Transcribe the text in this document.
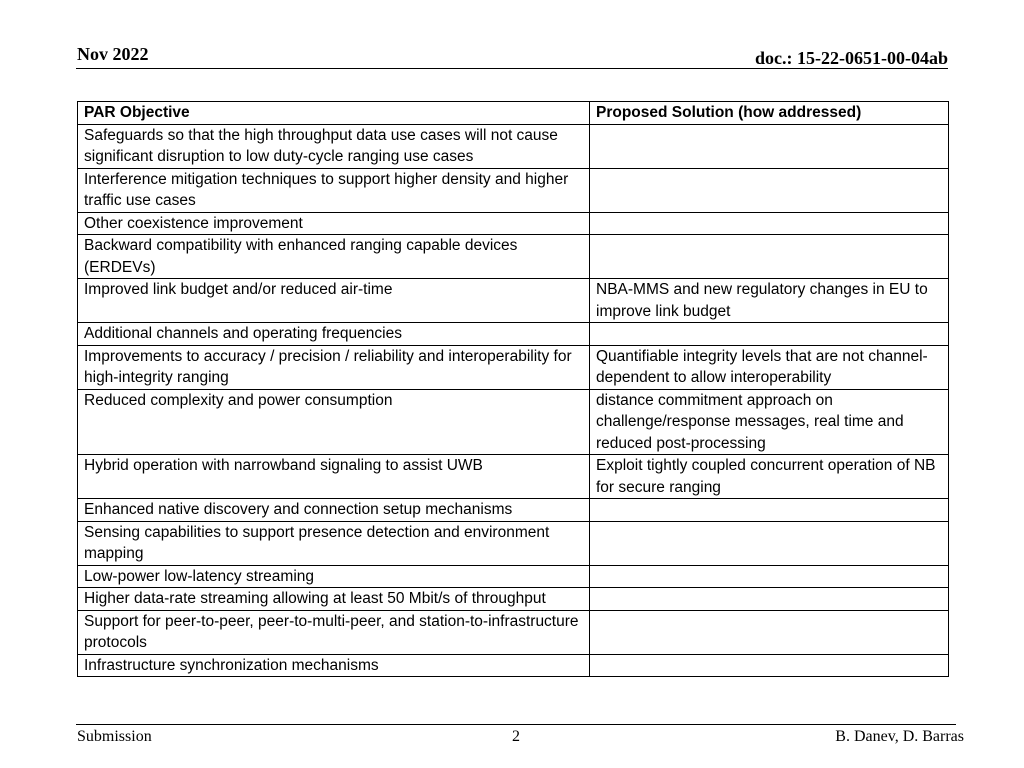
Nov 2022	doc.: 15-22-0651-00-04ab
PAR Objective	Proposed Solution (how addressed)
Safeguards so that the high throughput data use cases will not cause significant disruption to low duty-cycle ranging use cases	
Interference mitigation techniques to support higher density and higher traffic use cases	
Other coexistence improvement	
Backward compatibility with enhanced ranging capable devices (ERDEVs)	
Improved link budget and/or reduced air-time	NBA-MMS and new regulatory changes in EU to improve link budget
Additional channels and operating frequencies	
Improvements to accuracy / precision / reliability and interoperability for high-integrity ranging	Quantifiable integrity levels that are not channel-dependent to allow interoperability
Reduced complexity and power consumption	distance commitment approach on challenge/response messages, real time and reduced post-processing
Hybrid operation with narrowband signaling to assist UWB	Exploit tightly coupled concurrent operation of NB for secure ranging
Enhanced native discovery and connection setup mechanisms	
Sensing capabilities to support presence detection and environment mapping	
Low-power low-latency streaming	
Higher data-rate streaming allowing at least 50 Mbit/s of throughput	
Support for peer-to-peer, peer-to-multi-peer, and station-to-infrastructure protocols	
Infrastructure synchronization mechanisms	
Submission	2	B. Danev, D. Barras
